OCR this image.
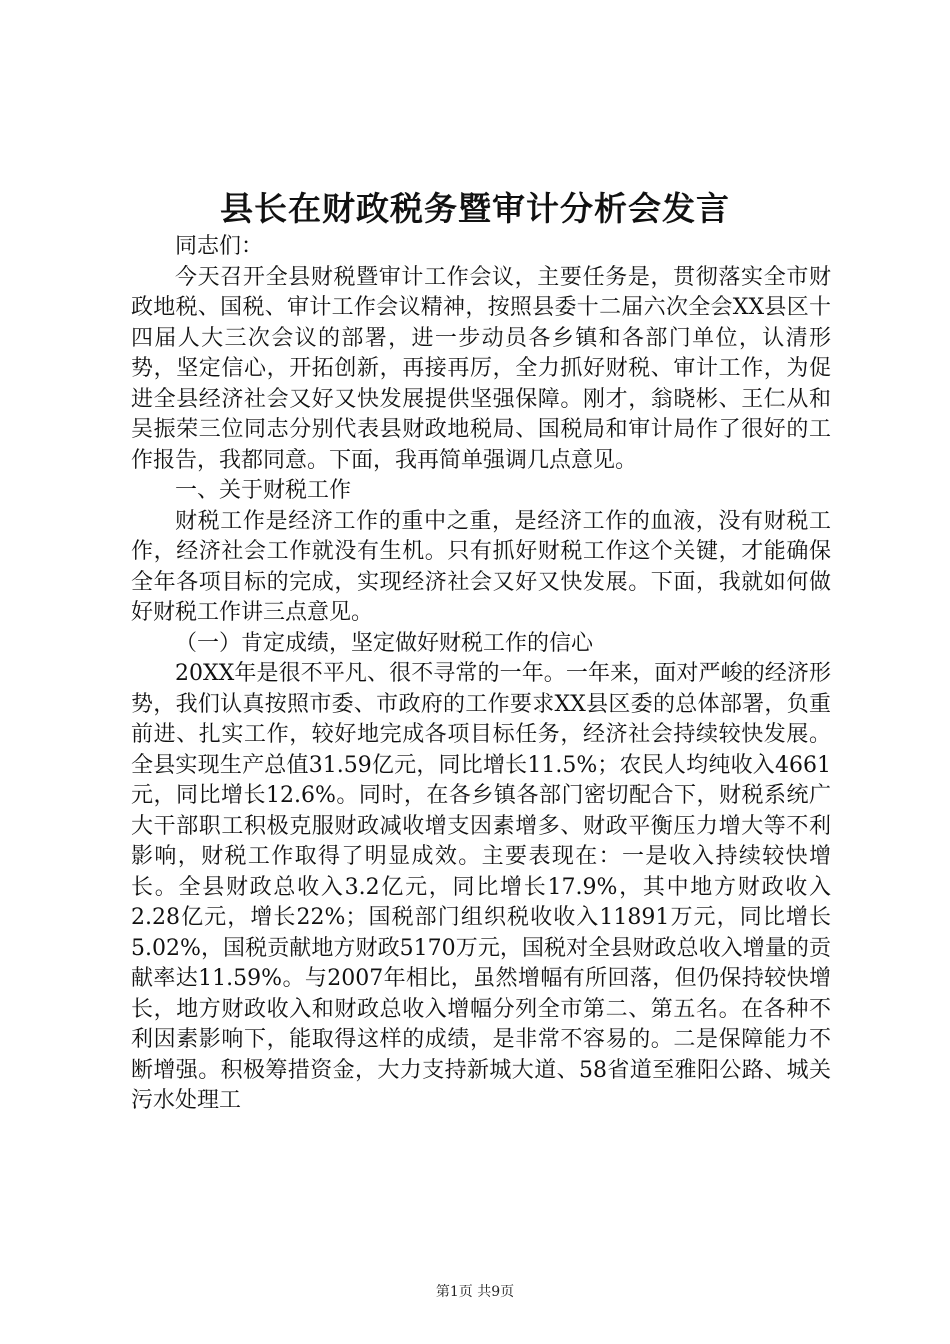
县长在财政税务暨审计分析会发言

同志们：

今天召开全县财税暨审计工作会议，主要任务是，贯彻落实全市财政地税、国税、审计工作会议精神，按照县委十二届六次全会XX县区十四届人大三次会议的部署，进一步动员各乡镇和各部门单位，认清形势，坚定信心，开拓创新，再接再厉，全力抓好财税、审计工作，为促进全县经济社会又好又快发展提供坚强保障。刚才，翁晓彬、王仁从和吴振荣三位同志分别代表县财政地税局、国税局和审计局作了很好的工作报告，我都同意。下面，我再简单强调几点意见。

一、关于财税工作

财税工作是经济工作的重中之重，是经济工作的血液，没有财税工作，经济社会工作就没有生机。只有抓好财税工作这个关键，才能确保全年各项目标的完成，实现经济社会又好又快发展。下面，我就如何做好财税工作讲三点意见。

（一）肯定成绩，坚定做好财税工作的信心

20XX年是很不平凡、很不寻常的一年。一年来，面对严峻的经济形势，我们认真按照市委、市政府的工作要求XX县区委的总体部署，负重前进、扎实工作，较好地完成各项目标任务，经济社会持续较快发展。全县实现生产总值31.59亿元，同比增长11.5%；农民人均纯收入4661元，同比增长12.6%。同时，在各乡镇各部门密切配合下，财税系统广大干部职工积极克服财政减收增支因素增多、财政平衡压力增大等不利影响，财税工作取得了明显成效。主要表现在：一是收入持续较快增长。全县财政总收入3.2亿元，同比增长17.9%，其中地方财政收入2.28亿元，增长22%；国税部门组织税收收入11891万元，同比增长5.02%，国税贡献地方财政5170万元，国税对全县财政总收入增量的贡献率达11.59%。与2007年相比，虽然增幅有所回落，但仍保持较快增长，地方财政收入和财政总收入增幅分列全市第二、第五名。在各种不利因素影响下，能取得这样的成绩，是非常不容易的。二是保障能力不断增强。积极筹措资金，大力支持新城大道、58省道至雅阳公路、城关污水处理工

第1页 共9页
